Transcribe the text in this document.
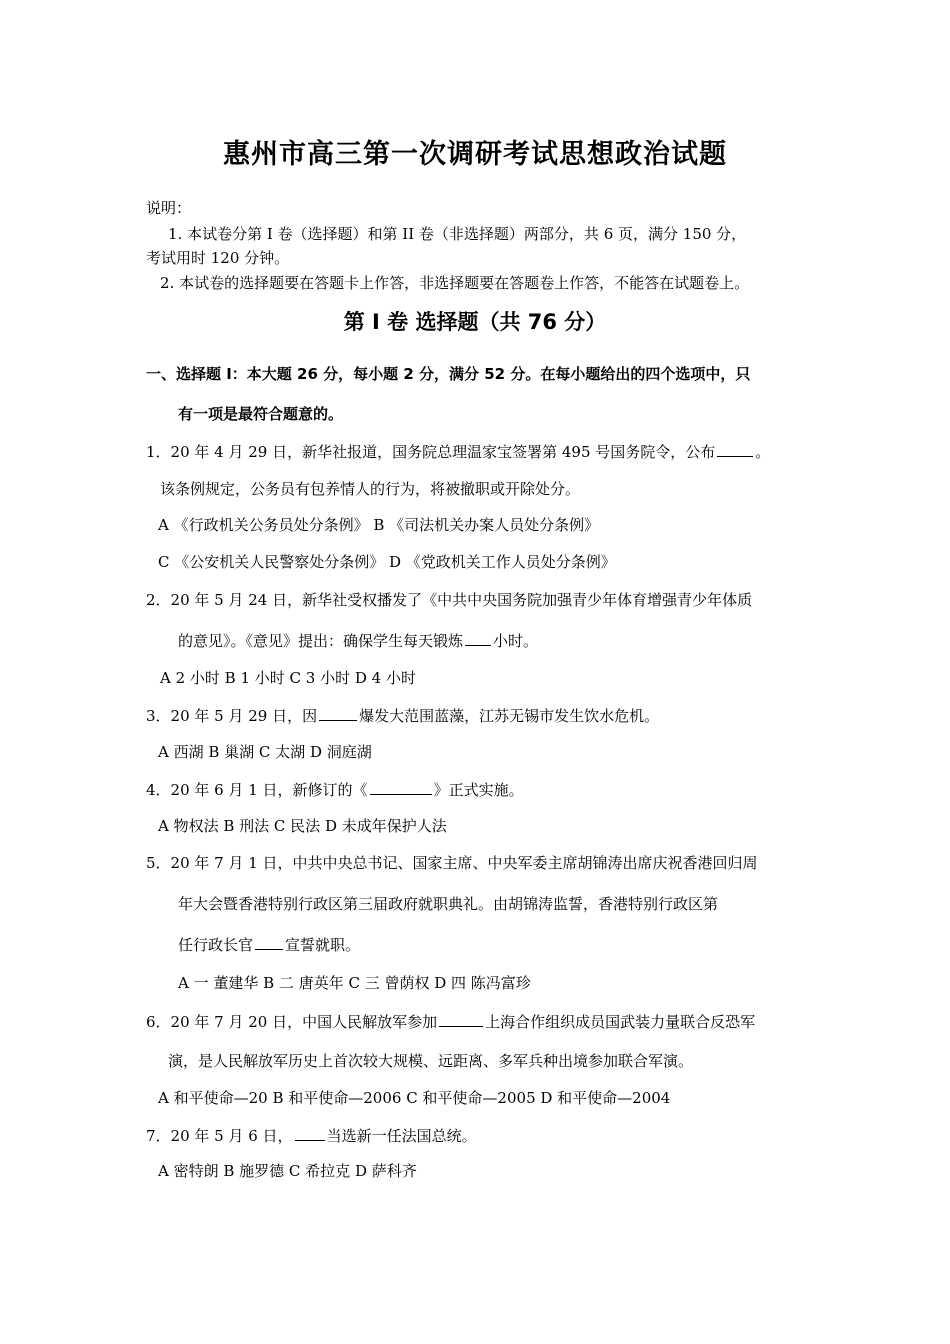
惠州市高三第一次调研考试思想政治试题
说明：
1. 本试卷分第 I 卷（选择题）和第 II 卷（非选择题）两部分，共 6 页，满分 150 分，
考试用时 120 分钟。
2. 本试卷的选择题要在答题卡上作答，非选择题要在答题卷上作答，不能答在试题卷上。
第 I 卷 选择题（共 76 分）
一、选择题 I：本大题 26 分，每小题 2 分，满分 52 分。在每小题给出的四个选项中，只
有一项是最符合题意的。
1．20 年 4 月 29 日，新华社报道，国务院总理温家宝签署第 495 号国务院令，公布	。
该条例规定，公务员有包养情人的行为，将被撤职或开除处分。
A 《行政机关公务员处分条例》 B 《司法机关办案人员处分条例》
C 《公安机关人民警察处分条例》 D 《党政机关工作人员处分条例》
2．20 年 5 月 24 日，新华社受权播发了《中共中央国务院加强青少年体育增强青少年体质
的意见》。《意见》提出：确保学生每天锻炼 小时。
A 2 小时 B 1 小时 C 3 小时 D 4 小时
3．20 年 5 月 29 日，因	爆发大范围蓝藻，江苏无锡市发生饮水危机。
A 西湖 B 巢湖 C 太湖 D 洞庭湖
4．20 年 6 月 1 日，新修订的《	》正式实施。
A 物权法 B 刑法 C 民法 D 未成年保护人法
5．20 年 7 月 1 日，中共中央总书记、国家主席、中央军委主席胡锦涛出席庆祝香港回归周
年大会暨香港特别行政区第三届政府就职典礼。由胡锦涛监誓，香港特别行政区第
任行政长官 宣誓就职。
A 一 董建华 B 二 唐英年 C 三 曾荫权 D 四 陈冯富珍
6．20 年 7 月 20 日，中国人民解放军参加	上海合作组织成员国武装力量联合反恐军
演，是人民解放军历史上首次较大规模、远距离、多军兵种出境参加联合军演。
A 和平使命—20 B 和平使命—2006 C 和平使命—2005 D 和平使命—2004
7．20 年 5 月 6 日， 当选新一任法国总统。
A 密特朗 B 施罗德 C 希拉克 D 萨科齐
